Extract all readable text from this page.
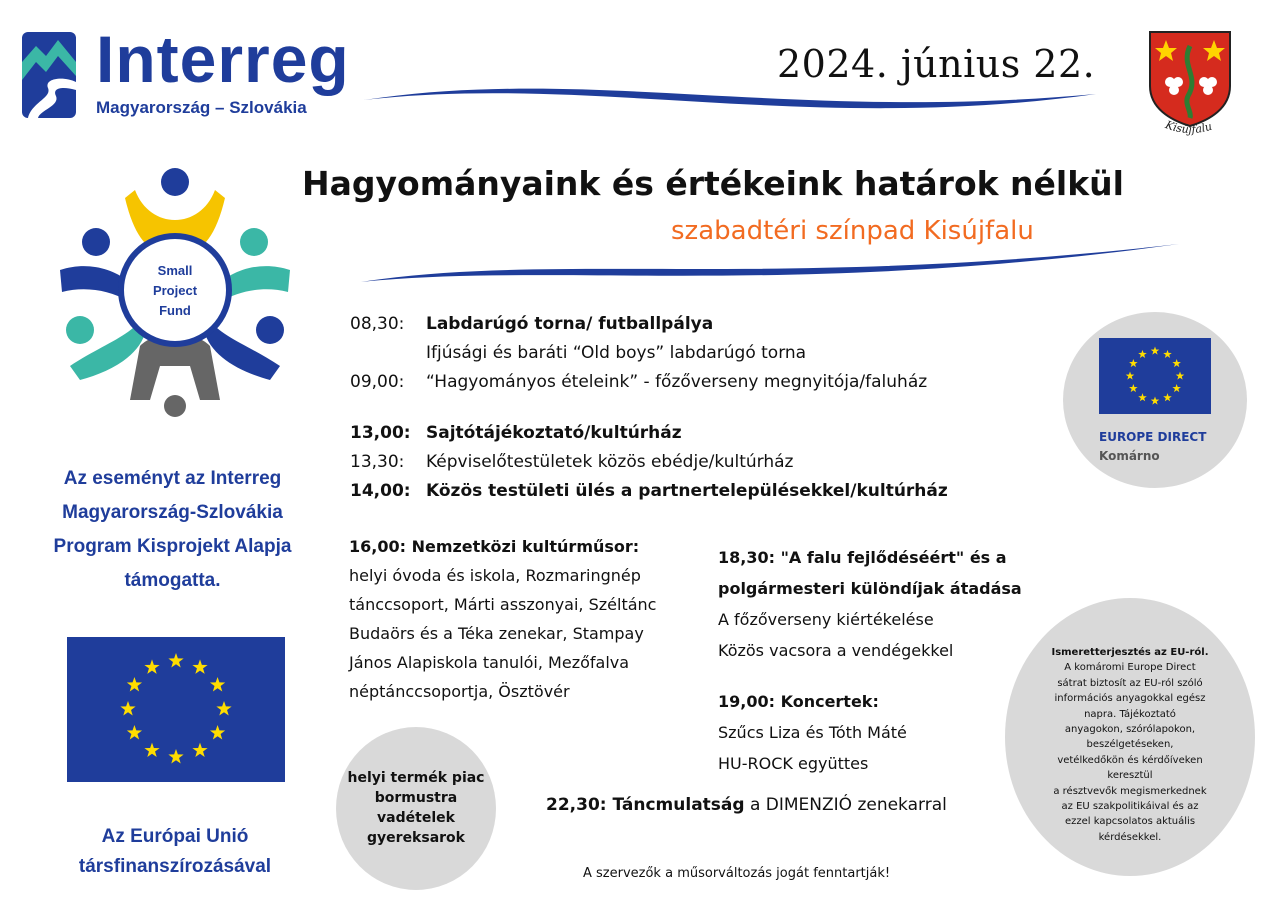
Interreg
Magyarország – Szlovákia
2024. június 22.
Kisújfalu
Hagyományaink és értékeink határok nélkül
szabadtéri színpad Kisújfalu
Small
Project
Fund
Az eseményt az Interreg
Magyarország-Szlovákia
Program Kisprojekt Alapja
támogatta.
Az Európai Unió
társfinanszírozásával
08,30:	Labdarúgó torna/ futballpálya
Ifjúsági és baráti “Old boys” labdarúgó torna
09,00:	“Hagyományos ételeink” - főzőverseny megnyitója/faluház
13,00: Sajtótájékoztató/kultúrház
13,30:	Képviselőtestületek közös ebédje/kultúrház
14,00: Közös testületi ülés a partnertelepülésekkel/kultúrház
16,00: Nemzetközi kultúrműsor:
helyi óvoda és iskola, Rozmaringnép
tánccsoport, Márti asszonyai, Széltánc
Budaörs és a Téka zenekar, Stampay
János Alapiskola tanulói, Mezőfalva
néptánccsoportja, Ösztövér
18,30: "A falu fejlődéséért" és a
polgármesteri különdíjak átadása
A főzőverseny kiértékelése
Közös vacsora a vendégekkel
19,00: Koncertek:
Szűcs Liza és Tóth Máté
HU-ROCK együttes
EUROPE DIRECT
Komárno
Ismeretterjesztés az EU-ról.
A komáromi Europe Direct
sátrat biztosít az EU-ról szóló
információs anyagokkal egész
napra. Tájékoztató
anyagokon, szórólapokon,
beszélgetéseken,
vetélkedőkön és kérdőíveken
keresztül
a résztvevők megismerkednek
az EU szakpolitikáival és az
ezzel kapcsolatos aktuális
kérdésekkel.
helyi termék piac
bormustra
vadételek
gyereksarok
22,30: Táncmulatság a DIMENZIÓ zenekarral
A szervezők a műsorváltozás jogát fenntartják!
